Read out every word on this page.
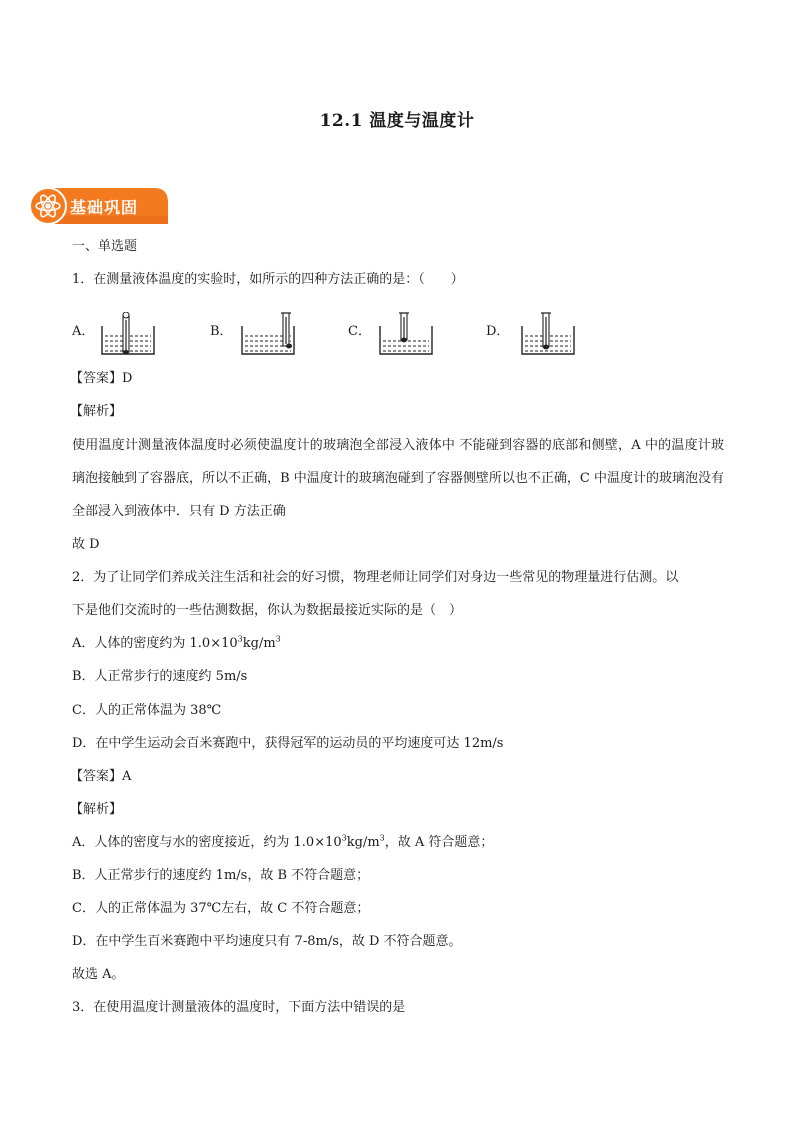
12.1 温度与温度计
基础巩固
一、单选题
1．在测量液体温度的实验时，如所示的四种方法正确的是：（　　）
A．	B．	C．	D．
【答案】D
【解析】
使用温度计测量液体温度时必须使温度计的玻璃泡全部浸入液体中 不能碰到容器的底部和侧壁，A 中的温度计玻璃泡接触到了容器底，所以不正确，B 中温度计的玻璃泡碰到了容器侧壁所以也不正确，C 中温度计的玻璃泡没有全部浸入到液体中．只有 D 方法正确
故 D
2．为了让同学们养成关注生活和社会的好习惯，物理老师让同学们对身边一些常见的物理量进行估测。以
下是他们交流时的一些估测数据，你认为数据最接近实际的是（　）
A．人体的密度约为 $1.0\times 10^3kg/m^3$
B．人正常步行的速度约 5m/s
C．人的正常体温为 38℃
D．在中学生运动会百米赛跑中，获得冠军的运动员的平均速度可达 12m/s
【答案】A
【解析】
A．人体的密度与水的密度接近，约为 $1.0\times 10^3kg/m^3$，故 A 符合题意；
B．人正常步行的速度约 1m/s，故 B 不符合题意；
C．人的正常体温为 37℃左右，故 C 不符合题意；
D．在中学生百米赛跑中平均速度只有 7-8m/s，故 D 不符合题意。
故选 A。
3．在使用温度计测量液体的温度时，下面方法中错误的是
